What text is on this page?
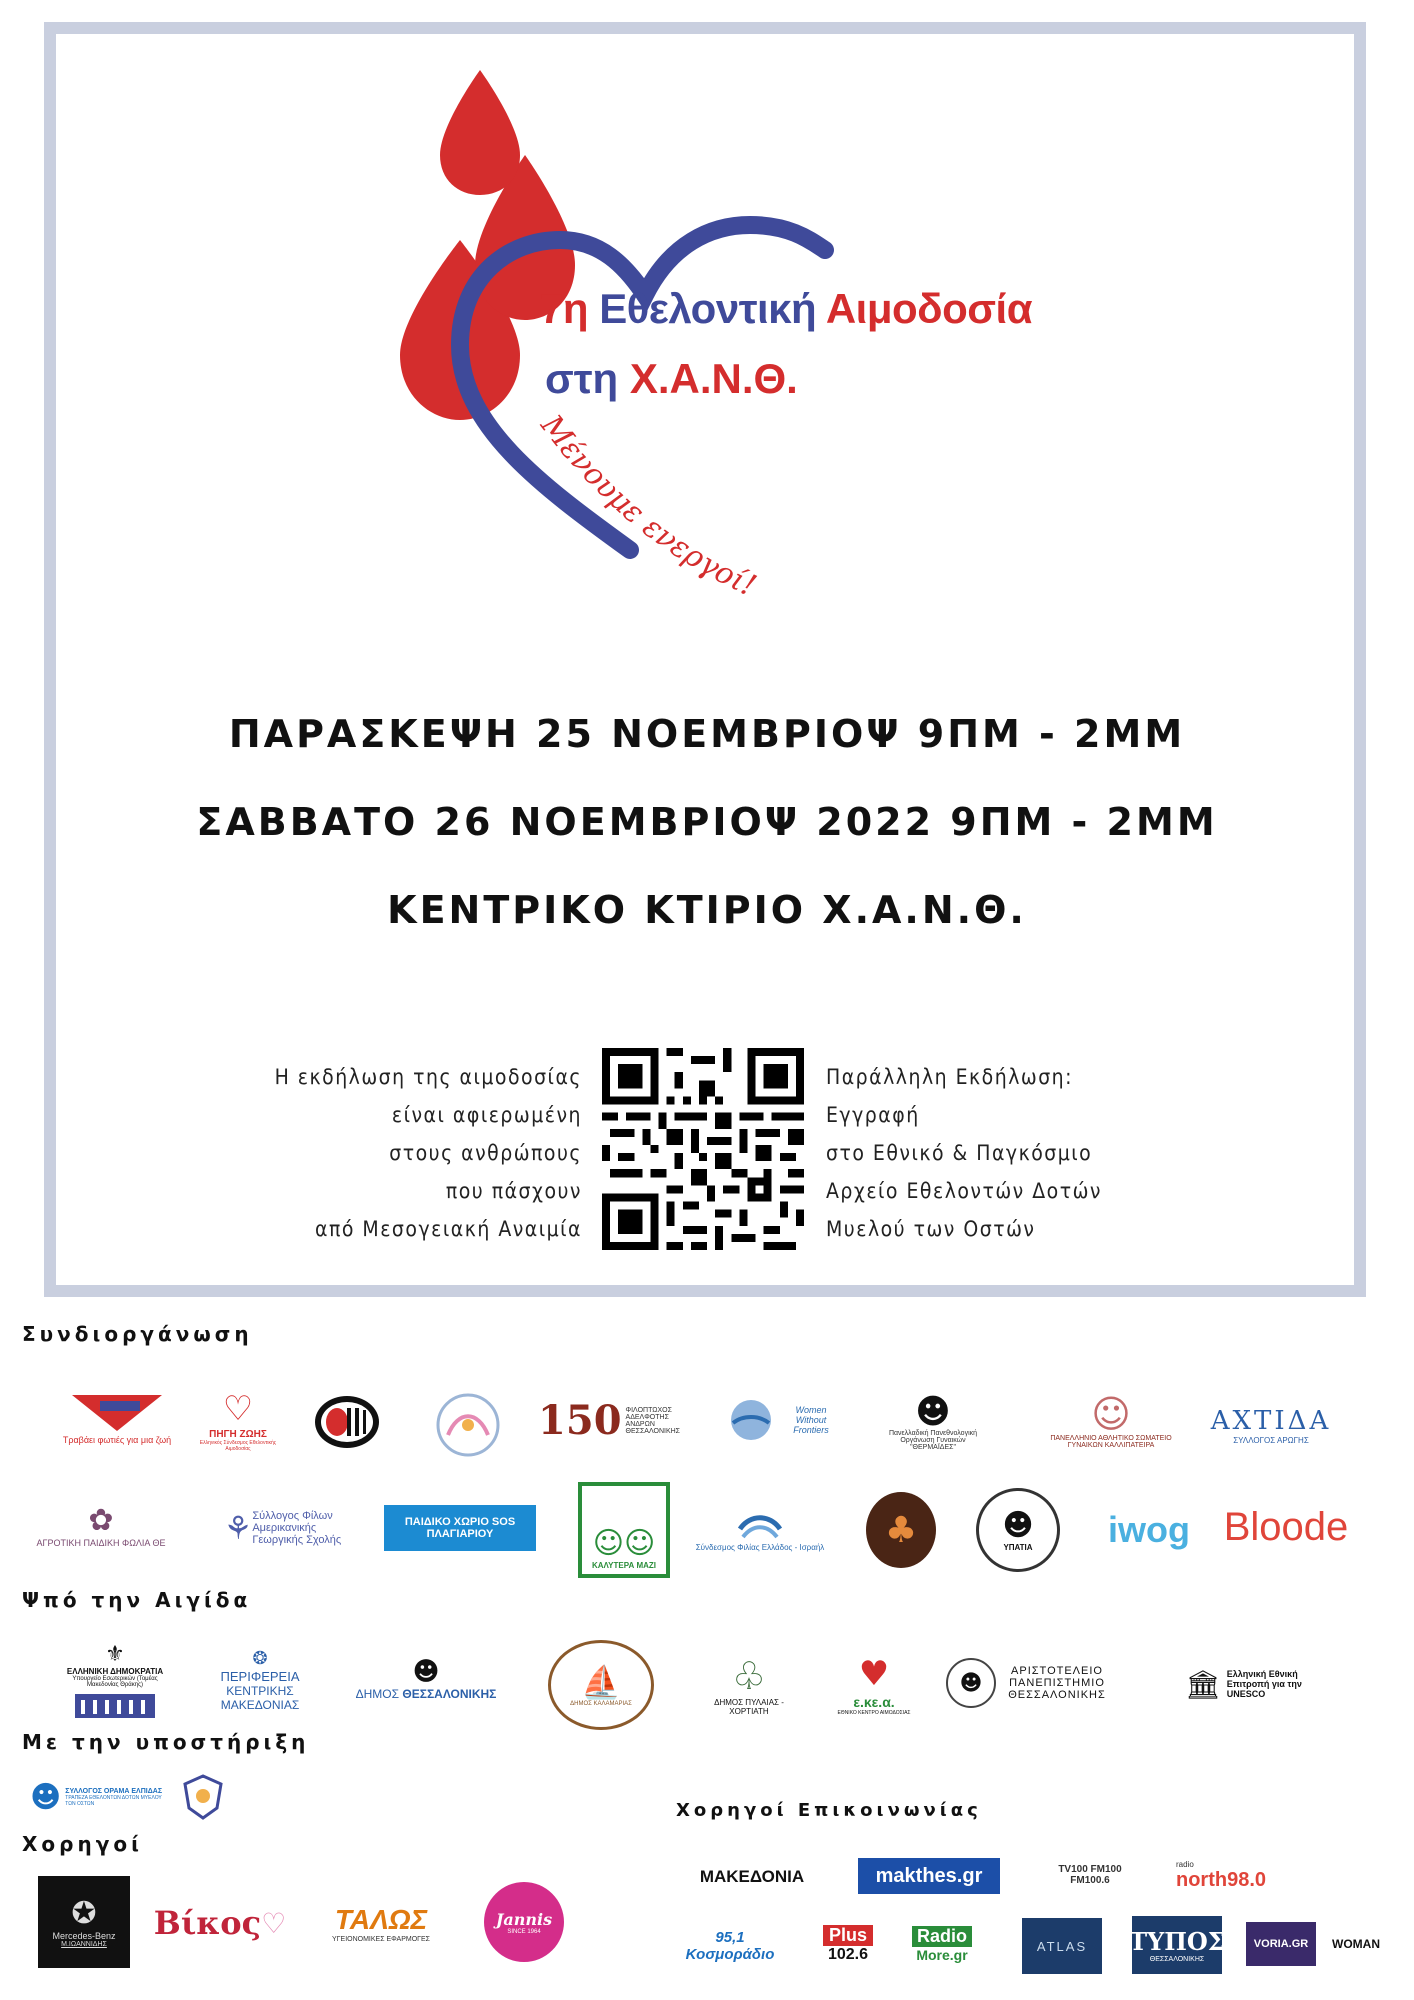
Μένουμε ενεργοί!
7η Εθελοντική Αιμοδοσία
στη Χ.Α.Ν.Θ.
ΠΑΡΑΣΚΕΨΗ 25 ΝΟΕΜΒΡΙΟΨ 9ΠΜ - 2ΜΜ
ΣΑΒΒΑΤΟ 26 ΝΟΕΜΒΡΙΟΨ 2022 9ΠΜ - 2ΜΜ
ΚΕΝΤΡΙΚΟ ΚΤΙΡΙΟ Χ.Α.Ν.Θ.
Η εκδήλωση της αιμοδοσίας
είναι αφιερωμένη
στους ανθρώπους
που πάσχουν
από Μεσογειακή Αναιμία
Παράλληλη Εκδήλωση:
Εγγραφή
στο Εθνικό & Παγκόσμιο
Αρχείο Εθελοντών Δοτών
Μυελού των Οστών
Συνδιοργάνωση
Ψπό την Αιγίδα
Με την υποστήριξη
Χορηγοί
Χορηγοί Επικοινωνίας
Τραβάει φωτιές για μια ζωή
♡
ΠΗΓΗ ΖΩΗΣ
Ελληνικός Σύνδεσμος Εθελοντικής Αιμοδοσίας
150 ΦΙΛΟΠΤΩΧΟΣ ΑΔΕΛΦΟΤΗΣ ΑΝΔΡΩΝ ΘΕΣΣΑΛΟΝΙΚΗΣ
Women Without Frontiers	☻
Πανελλαδική Πανεθνολογική Οργάνωση Γυναικών "ΘΕΡΜΑΪΔΕΣ"
☺
ΠΑΝΕΛΛΗΝΙΟ ΑΘΛΗΤΙΚΟ ΣΩΜΑΤΕΙΟ ΓΥΝΑΙΚΩΝ ΚΑΛΛΙΠΑΤΕΙΡΑ
ΑΧΤΙΔΑ
ΣΥΛΛΟΓΟΣ ΑΡΩΓΗΣ
✿
ΑΓΡΟΤΙΚΗ ΠΑΙΔΙΚΗ ΦΩΛΙΑ ΘΕ ⚘ Σύλλογος Φίλων Αμερικανικής Γεωργικής Σχολής
ΠΑΙΔΙΚΟ ΧΩΡΙΟ SOS ΠΛΑΓΙΑΡΙΟΥ	☺☺
ΚΑΛΥΤΕΡΑ ΜΑΖΙ
Σύνδεσμος Φιλίας Ελλάδος - Ισραήλ ♣	☻
ΥΠΑΤΙΑ iwog Bloode
⚜
ΕΛΛΗΝΙΚΗ ΔΗΜΟΚΡΑΤΙΑ
Υπουργείο Εσωτερικών (Τομέας Μακεδονίας Θράκης)
❂
ΠΕΡΙΦΕΡΕΙΑ
ΚΕΝΤΡΙΚΗΣ ΜΑΚΕΔΟΝΙΑΣ
☻
ΔΗΜΟΣ ΘΕΣΣΑΛΟΝΙΚΗΣ	⛵
ΔΗΜΟΣ ΚΑΛΑΜΑΡΙΑΣ
♧
ΔΗΜΟΣ ΠΥΛΑΙΑΣ - ΧΟΡΤΙΑΤΗ
♥
ε.κε.α.
ΕΘΝΙΚΟ ΚΕΝΤΡΟ ΑΙΜΟΔΟΣΙΑΣ
☻	ΑΡΙΣΤΟΤΕΛΕΙΟ ΠΑΝΕΠΙΣΤΗΜΙΟ ΘΕΣΣΑΛΟΝΙΚΗΣ	🏛 Ελληνική Εθνική Επιτροπή για την UNESCO
☻ ΣΥΛΛΟΓΟΣ ΟΡΑΜΑ ΕΛΠΙΔΑΣ
ΤΡΑΠΕΖΑ ΕΘΕΛΟΝΤΩΝ ΔΟΤΩΝ ΜΥΕΛΟΥ ΤΩΝ ΟΣΤΩΝ
✪
Mercedes-Benz
Μ.ΙΩΑΝΝΙΔΗΣ
Βίκος ♡ ΤΑΛΩΣ
ΥΓΕΙΟΝΟΜΙΚΕΣ ΕΦΑΡΜΟΓΕΣ
Jannis
SINCE 1964
ΜΑΚΕΔΟΝΙΑ	makthes.gr	TV100 FM100 FM100.6
radio
north98.0
95,1 Κοσμοράδιο
Plus
102.6
Radio
More.gr
ATLAS ΤΥΠΟΣ
ΘΕΣΣΑΛΟΝΙΚΗΣ
VORIA.GR WOMAN
